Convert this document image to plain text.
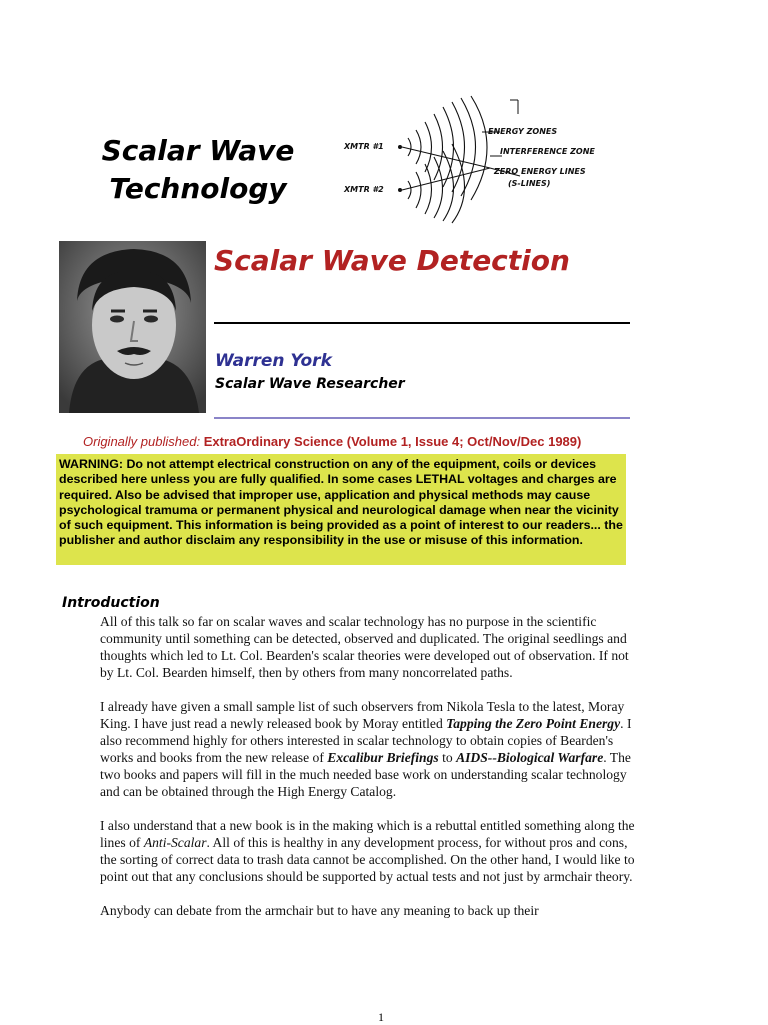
Scalar Wave
Technology
XMTR #1
XMTR #2
ENERGY ZONES
INTERFERENCE ZONE
ZERO ENERGY LINES
(S-LINES)
Scalar Wave Detection
Warren York
Scalar Wave Researcher
Originally published: ExtraOrdinary Science (Volume 1, Issue 4; Oct/Nov/Dec 1989)
WARNING: Do not attempt electrical construction on any of the equipment, coils or devices described here unless you are fully qualified. In some cases LETHAL voltages and charges are required. Also be advised that improper use, application and physical methods may cause psychological tramuma or permanent physical and neurological damage when near the vicinity of such equipment. This information is being provided as a point of interest to our readers... the publisher and author disclaim any responsibility in the use or misuse of this information.
Introduction

All of this talk so far on scalar waves and scalar technology has no purpose in the scientific community until something can be detected, observed and duplicated. The original seedlings and thoughts which led to Lt. Col. Bearden's scalar theories were developed out of observation. If not by Lt. Col. Bearden himself, then by others from many noncorrelated paths.

I already have given a small sample list of such observers from Nikola Tesla to the latest, Moray King. I have just read a newly released book by Moray entitled Tapping the Zero Point Energy. I also recommend highly for others interested in scalar technology to obtain copies of Bearden's works and books from the new release of Excalibur Briefings to AIDS--Biological Warfare. The two books and papers will fill in the much needed base work on understanding scalar technology and can be obtained through the High Energy Catalog.

I also understand that a new book is in the making which is a rebuttal entitled something along the lines of Anti-Scalar. All of this is healthy in any development process, for without pros and cons, the sorting of correct data to trash data cannot be accomplished. On the other hand, I would like to point out that any conclusions should be supported by actual tests and not just by armchair theory.

Anybody can debate from the armchair but to have any meaning to back up their

1
